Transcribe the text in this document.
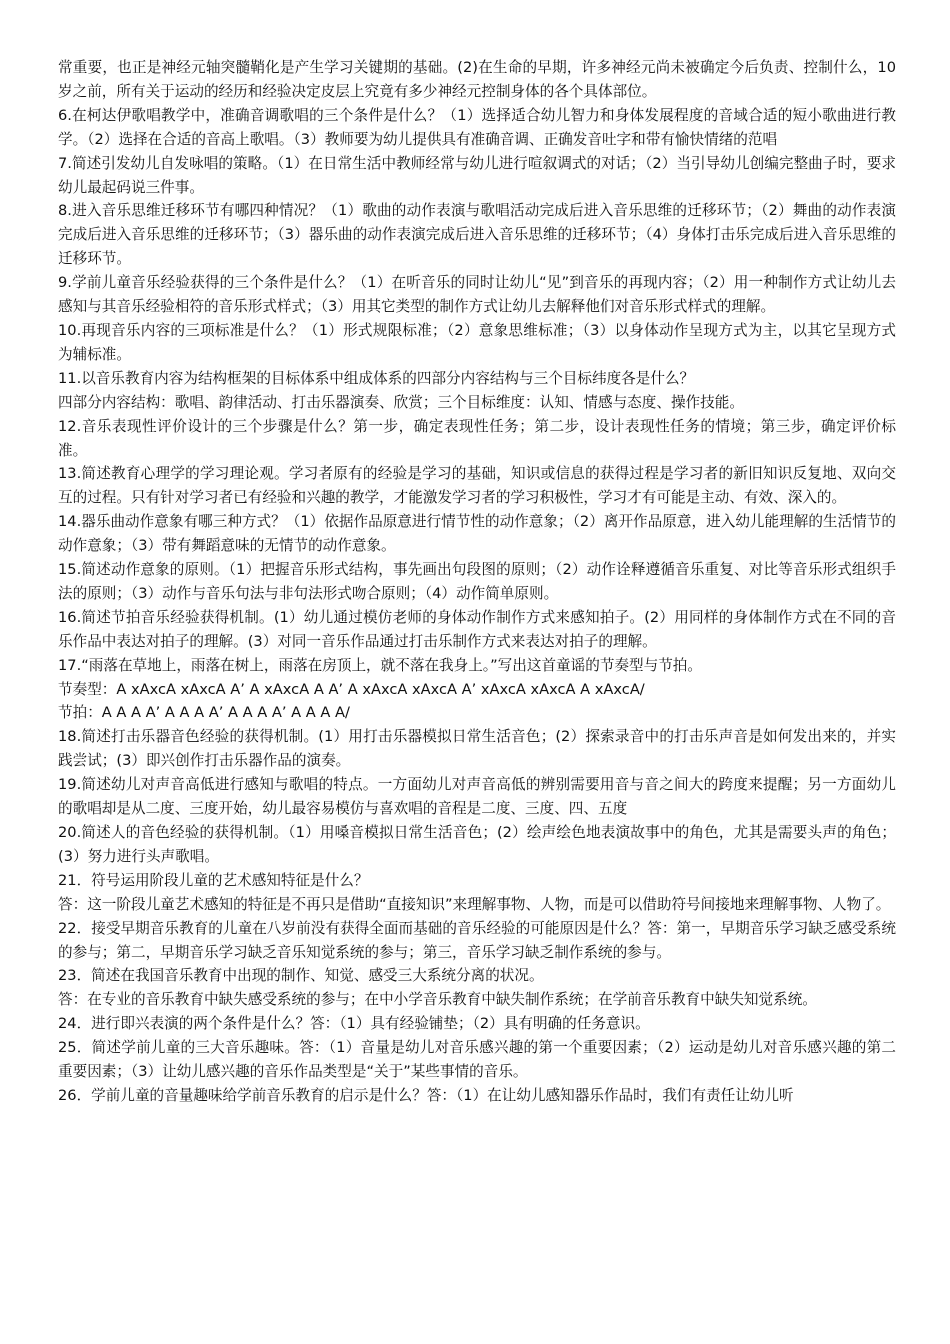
常重要，也正是神经元轴突髓鞘化是产生学习关键期的基础。(2)在生命的早期，许多神经元尚未被确定今后负责、控制什么，10岁之前，所有关于运动的经历和经验决定皮层上究竟有多少神经元控制身体的各个具体部位。

6.在柯达伊歌唱教学中，准确音调歌唱的三个条件是什么？（1）选择适合幼儿智力和身体发展程度的音域合适的短小歌曲进行教学。（2）选择在合适的音高上歌唱。（3）教师要为幼儿提供具有准确音调、正确发音吐字和带有愉快情绪的范唱

7.简述引发幼儿自发咏唱的策略。（1）在日常生活中教师经常与幼儿进行喧叙调式的对话；（2）当引导幼儿创编完整曲子时，要求幼儿最起码说三件事。

8.进入音乐思维迁移环节有哪四种情况？（1）歌曲的动作表演与歌唱活动完成后进入音乐思维的迁移环节；（2）舞曲的动作表演完成后进入音乐思维的迁移环节；（3）器乐曲的动作表演完成后进入音乐思维的迁移环节；（4）身体打击乐完成后进入音乐思维的迁移环节。

9.学前儿童音乐经验获得的三个条件是什么？（1）在听音乐的同时让幼儿“见”到音乐的再现内容；（2）用一种制作方式让幼儿去感知与其音乐经验相符的音乐形式样式；（3）用其它类型的制作方式让幼儿去解释他们对音乐形式样式的理解。

10.再现音乐内容的三项标准是什么？（1）形式规限标准；（2）意象思维标准；（3）以身体动作呈现方式为主，以其它呈现方式为辅标准。

11.以音乐教育内容为结构框架的目标体系中组成体系的四部分内容结构与三个目标纬度各是什么？

四部分内容结构：歌唱、韵律活动、打击乐器演奏、欣赏；三个目标维度：认知、情感与态度、操作技能。

12.音乐表现性评价设计的三个步骤是什么？第一步，确定表现性任务；第二步，设计表现性任务的情境；第三步，确定评价标准。

13.简述教育心理学的学习理论观。学习者原有的经验是学习的基础，知识或信息的获得过程是学习者的新旧知识反复地、双向交互的过程。只有针对学习者已有经验和兴趣的教学，才能激发学习者的学习积极性，学习才有可能是主动、有效、深入的。

14.器乐曲动作意象有哪三种方式？（1）依据作品原意进行情节性的动作意象；（2）离开作品原意，进入幼儿能理解的生活情节的动作意象；（3）带有舞蹈意味的无情节的动作意象。

15.简述动作意象的原则。（1）把握音乐形式结构，事先画出句段图的原则；（2）动作诠释遵循音乐重复、对比等音乐形式组织手法的原则；（3）动作与音乐句法与非句法形式吻合原则；（4）动作简单原则。

16.简述节拍音乐经验获得机制。(1）幼儿通过模仿老师的身体动作制作方式来感知拍子。(2）用同样的身体制作方式在不同的音乐作品中表达对拍子的理解。(3）对同一音乐作品通过打击乐制作方式来表达对拍子的理解。

17.“雨落在草地上，雨落在树上，雨落在房顶上，就不落在我身上。”写出这首童谣的节奏型与节拍。

节奏型：A xAxcA xAxcA A’ A xAxcA A A’ A xAxcA xAxcA A’ xAxcA xAxcA A xAxcA/

节拍：A A A A’ A A A A’ A A A A’ A A A A/

18.简述打击乐器音色经验的获得机制。(1）用打击乐器模拟日常生活音色；(2）探索录音中的打击乐声音是如何发出来的，并实践尝试；(3）即兴创作打击乐器作品的演奏。

19.简述幼儿对声音高低进行感知与歌唱的特点。一方面幼儿对声音高低的辨别需要用音与音之间大的跨度来提醒；另一方面幼儿的歌唱却是从二度、三度开始，幼儿最容易模仿与喜欢唱的音程是二度、三度、四、五度

20.简述人的音色经验的获得机制。（1）用嗓音模拟日常生活音色；(2）绘声绘色地表演故事中的角色，尤其是需要头声的角色；(3）努力进行头声歌唱。

21．符号运用阶段儿童的艺术感知特征是什么？

答：这一阶段儿童艺术感知的特征是不再只是借助“直接知识”来理解事物、人物，而是可以借助符号间接地来理解事物、人物了。

22．接受早期音乐教育的儿童在八岁前没有获得全面而基础的音乐经验的可能原因是什么？答：第一，早期音乐学习缺乏感受系统的参与；第二，早期音乐学习缺乏音乐知觉系统的参与；第三，音乐学习缺乏制作系统的参与。

23．简述在我国音乐教育中出现的制作、知觉、感受三大系统分离的状况。

答：在专业的音乐教育中缺失感受系统的参与；在中小学音乐教育中缺失制作系统；在学前音乐教育中缺失知觉系统。

24．进行即兴表演的两个条件是什么？答：（1）具有经验铺垫；（2）具有明确的任务意识。

25．简述学前儿童的三大音乐趣味。答：（1）音量是幼儿对音乐感兴趣的第一个重要因素；（2）运动是幼儿对音乐感兴趣的第二重要因素；（3）让幼儿感兴趣的音乐作品类型是“关于”某些事情的音乐。

26．学前儿童的音量趣味给学前音乐教育的启示是什么？答：（1）在让幼儿感知器乐作品时，我们有责任让幼儿听
